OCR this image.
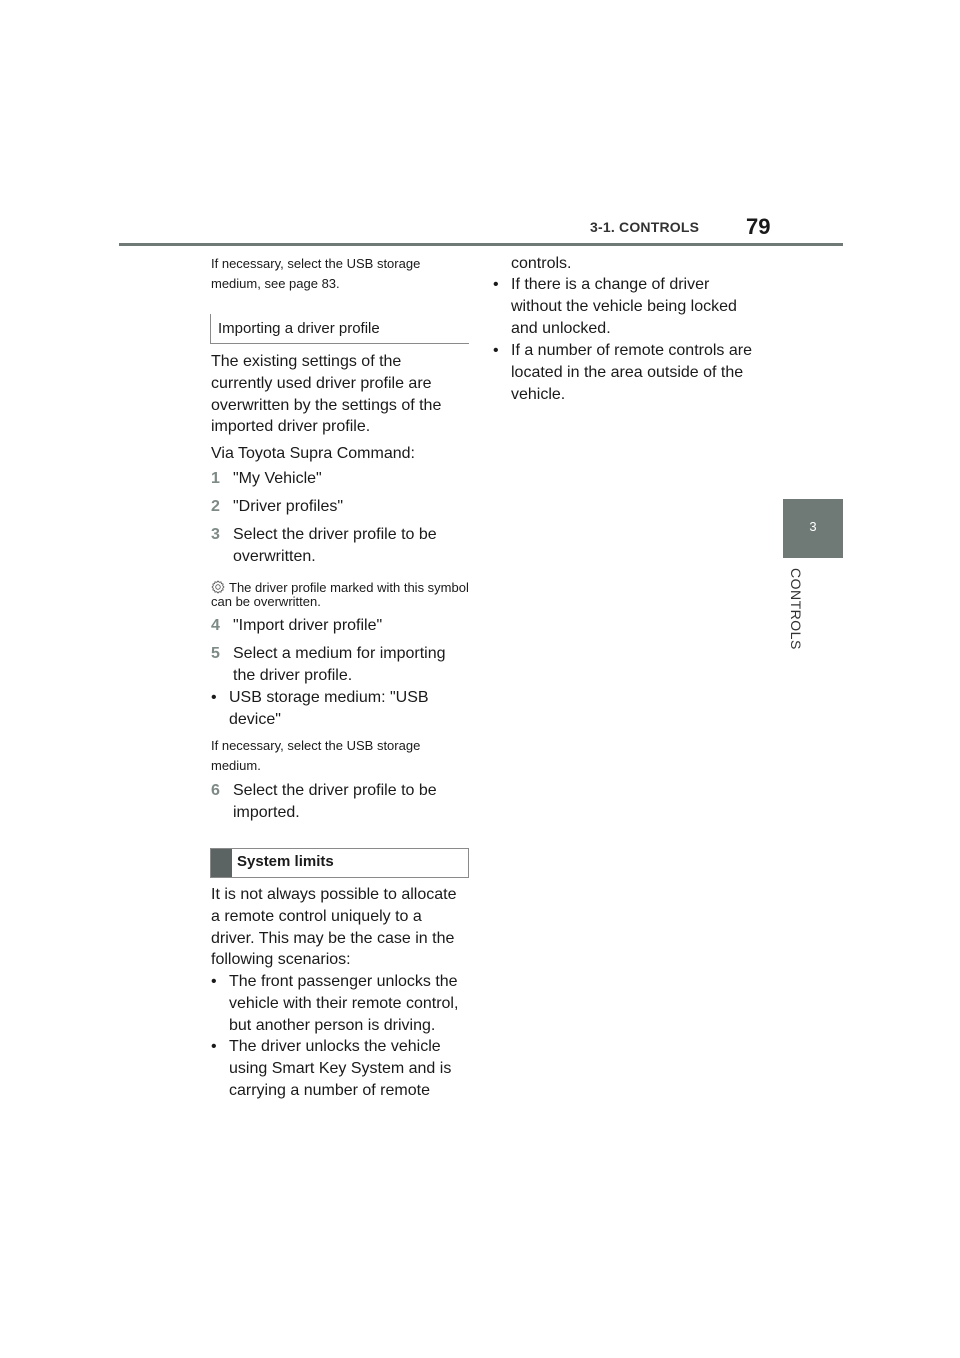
3-1. CONTROLS 79
3
CONTROLS
If necessary, select the USB storage medium, see page 83.
Importing a driver profile
The existing settings of the currently used driver profile are overwritten by the settings of the imported driver profile.
Via Toyota Supra Command:
1 "My Vehicle"
2 "Driver profiles"
3 Select the driver profile to be overwritten.
The driver profile marked with this symbol can be overwritten.
4 "Import driver profile"
5 Select a medium for importing the driver profile.
• USB storage medium: "USB device"
If necessary, select the USB storage medium.
6 Select the driver profile to be imported.
System limits
It is not always possible to allocate a remote control uniquely to a driver. This may be the case in the following scenarios:
• The front passenger unlocks the vehicle with their remote control, but another person is driving.
• The driver unlocks the vehicle using Smart Key System and is carrying a number of remote
controls.
• If there is a change of driver without the vehicle being locked and unlocked.
• If a number of remote controls are located in the area outside of the vehicle.
